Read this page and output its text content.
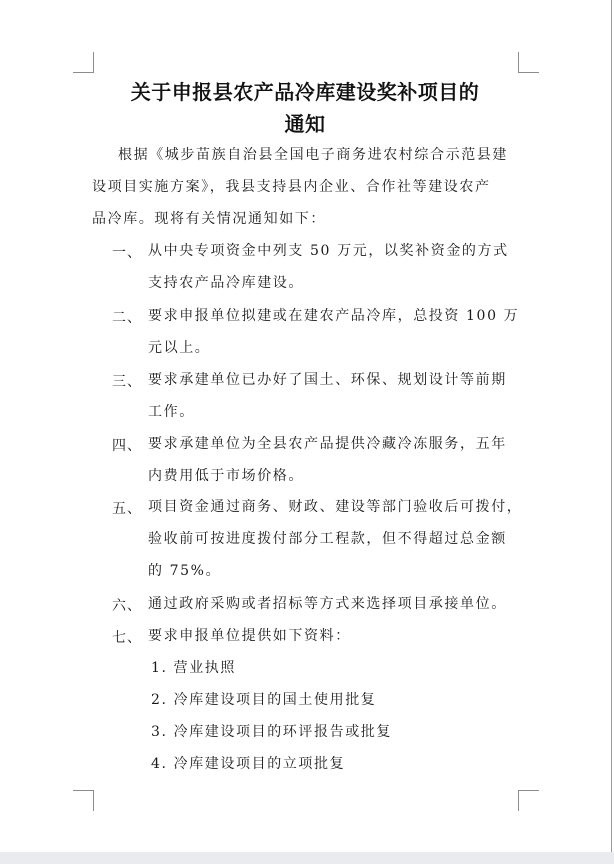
关于申报县农产品冷库建设奖补项目的
通知
根据《城步苗族自治县全国电子商务进农村综合示范县建
设项目实施方案》，我县支持县内企业、合作社等建设农产
品冷库。现将有关情况通知如下：
一、 从中央专项资金中列支 50 万元，以奖补资金的方式
支持农产品冷库建设。
二、 要求申报单位拟建或在建农产品冷库，总投资 100 万
元以上。
三、 要求承建单位已办好了国土、环保、规划设计等前期
工作。
四、 要求承建单位为全县农产品提供冷藏冷冻服务，五年
内费用低于市场价格。
五、 项目资金通过商务、财政、建设等部门验收后可拨付，
验收前可按进度拨付部分工程款，但不得超过总金额
的 75%。
六、 通过政府采购或者招标等方式来选择项目承接单位。
七、 要求申报单位提供如下资料：
1. 营业执照
2. 冷库建设项目的国土使用批复
3. 冷库建设项目的环评报告或批复
4. 冷库建设项目的立项批复
